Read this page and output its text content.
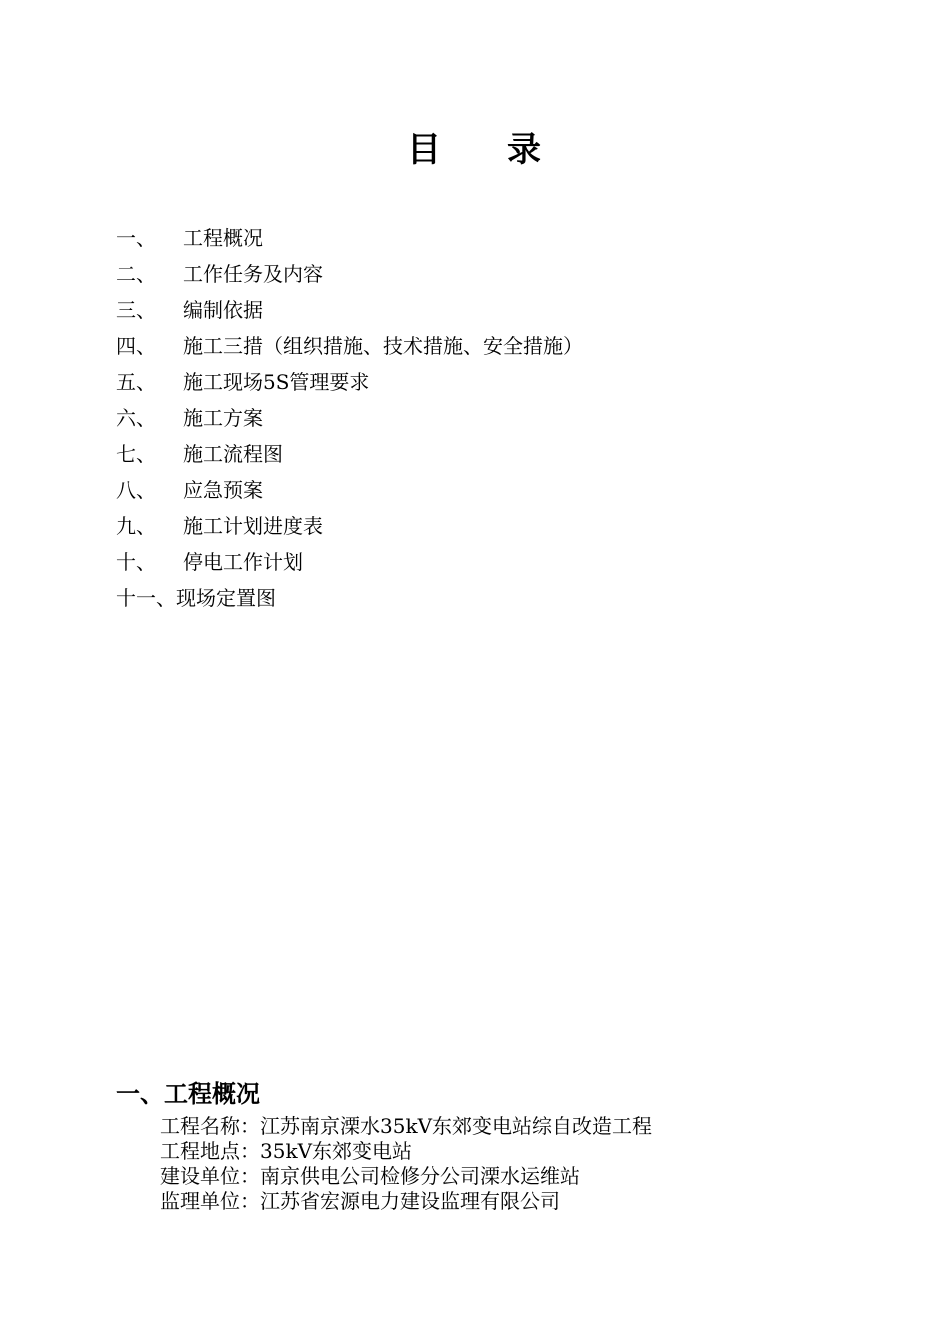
目 录
一、 工程概况
二、 工作任务及内容
三、 编制依据
四、 施工三措（组织措施、技术措施、安全措施）
五、 施工现场5S管理要求
六、 施工方案
七、 施工流程图
八、 应急预案
九、 施工计划进度表
十、 停电工作计划
十一、现场定置图
一、工程概况
工程名称：江苏南京溧水35kV东郊变电站综自改造工程
工程地点：35kV东郊变电站
建设单位：南京供电公司检修分公司溧水运维站
监理单位：江苏省宏源电力建设监理有限公司
